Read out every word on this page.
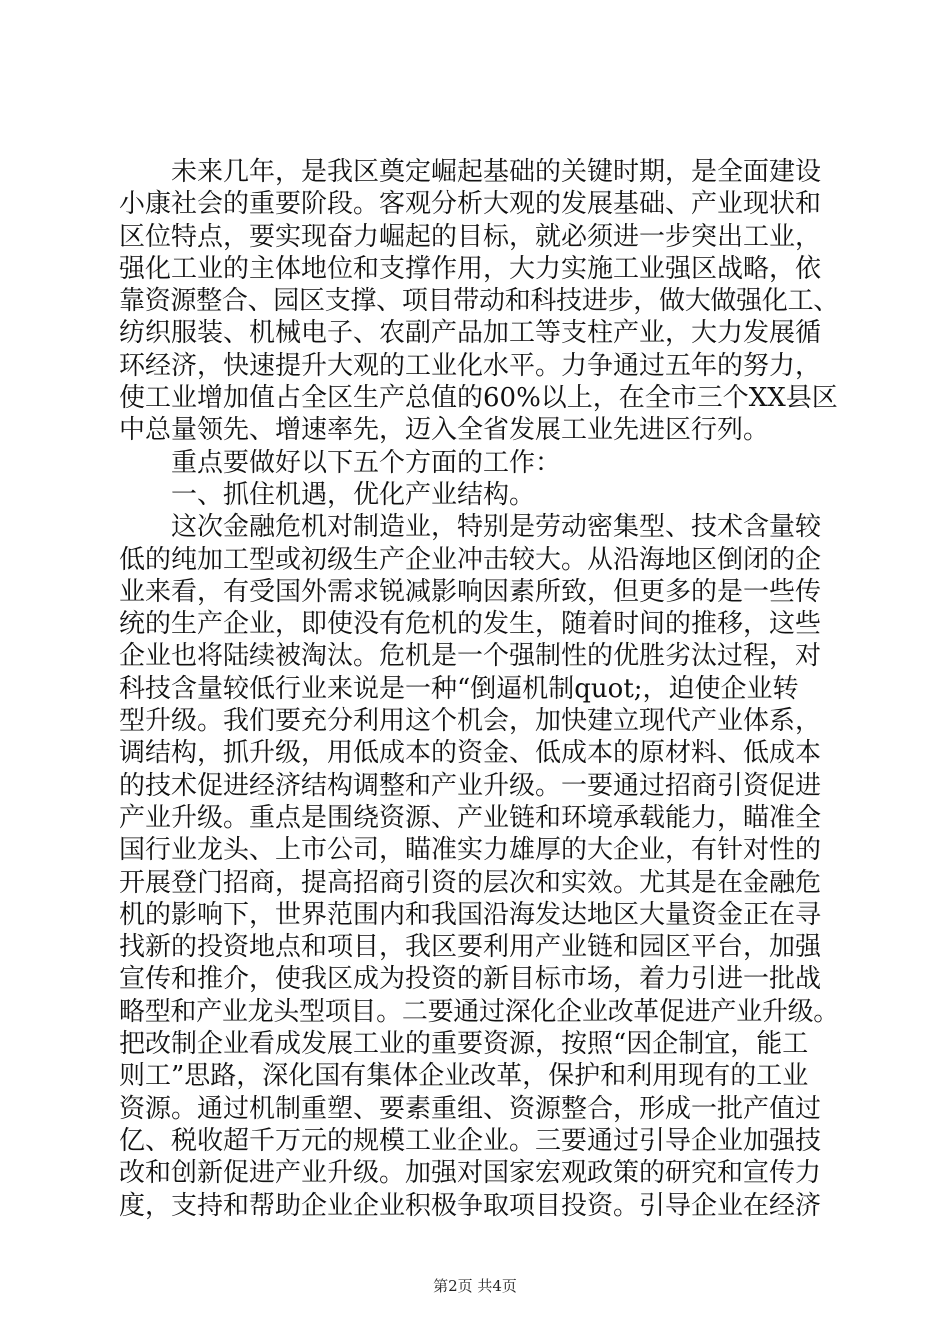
　　未来几年，是我区奠定崛起基础的关键时期，是全面建设
小康社会的重要阶段。客观分析大观的发展基础、产业现状和
区位特点，要实现奋力崛起的目标，就必须进一步突出工业，
强化工业的主体地位和支撑作用，大力实施工业强区战略，依
靠资源整合、园区支撑、项目带动和科技进步，做大做强化工、
纺织服装、机械电子、农副产品加工等支柱产业，大力发展循
环经济，快速提升大观的工业化水平。力争通过五年的努力，
使工业增加值占全区生产总值的60%以上，在全市三个XX县区
中总量领先、增速率先，迈入全省发展工业先进区行列。
　　重点要做好以下五个方面的工作：
　　一、抓住机遇，优化产业结构。
　　这次金融危机对制造业，特别是劳动密集型、技术含量较
低的纯加工型或初级生产企业冲击较大。从沿海地区倒闭的企
业来看，有受国外需求锐减影响因素所致，但更多的是一些传
统的生产企业，即使没有危机的发生，随着时间的推移，这些
企业也将陆续被淘汰。危机是一个强制性的优胜劣汰过程，对
科技含量较低行业来说是一种“倒逼机制quot;，迫使企业转
型升级。我们要充分利用这个机会，加快建立现代产业体系，
调结构，抓升级，用低成本的资金、低成本的原材料、低成本
的技术促进经济结构调整和产业升级。一要通过招商引资促进
产业升级。重点是围绕资源、产业链和环境承载能力，瞄准全
国行业龙头、上市公司，瞄准实力雄厚的大企业，有针对性的
开展登门招商，提高招商引资的层次和实效。尤其是在金融危
机的影响下，世界范围内和我国沿海发达地区大量资金正在寻
找新的投资地点和项目，我区要利用产业链和园区平台，加强
宣传和推介，使我区成为投资的新目标市场，着力引进一批战
略型和产业龙头型项目。二要通过深化企业改革促进产业升级。
把改制企业看成发展工业的重要资源，按照“因企制宜，能工
则工”思路，深化国有集体企业改革，保护和利用现有的工业
资源。通过机制重塑、要素重组、资源整合，形成一批产值过
亿、税收超千万元的规模工业企业。三要通过引导企业加强技
改和创新促进产业升级。加强对国家宏观政策的研究和宣传力
度，支持和帮助企业企业积极争取项目投资。引导企业在经济
第2页 共4页
